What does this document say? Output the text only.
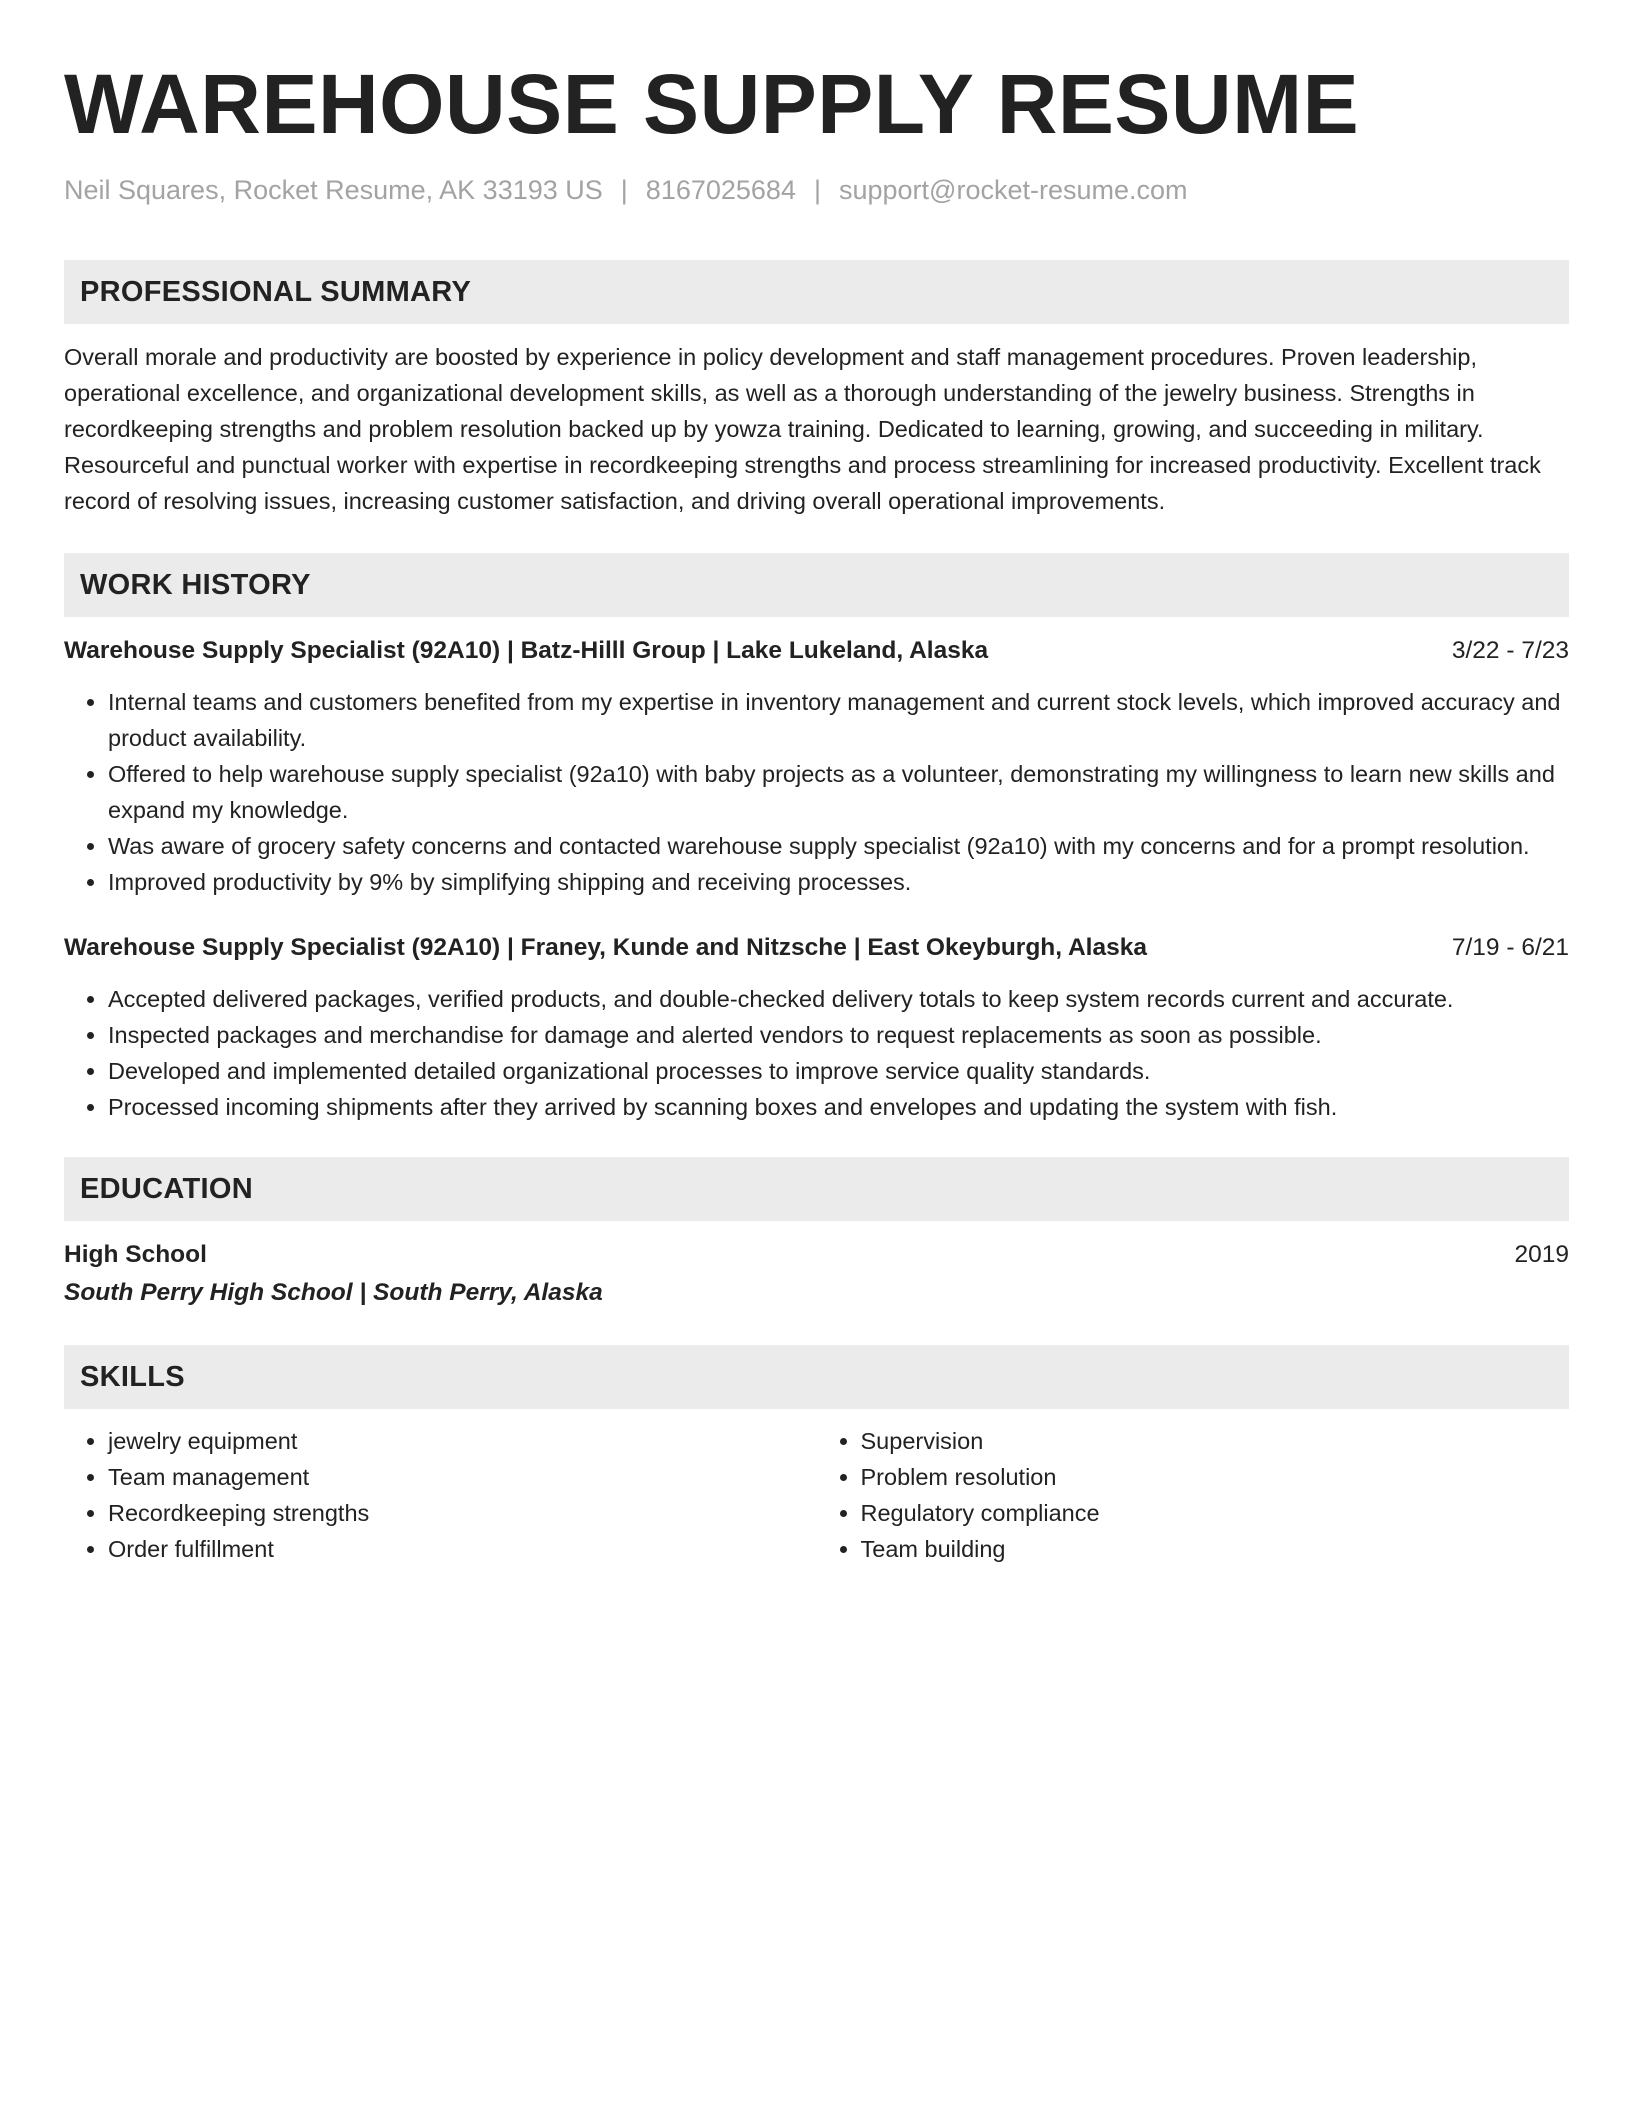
WAREHOUSE SUPPLY RESUME
Neil Squares, Rocket Resume, AK 33193 US | 8167025684 | support@rocket-resume.com
PROFESSIONAL SUMMARY
Overall morale and productivity are boosted by experience in policy development and staff management procedures. Proven leadership, operational excellence, and organizational development skills, as well as a thorough understanding of the jewelry business. Strengths in recordkeeping strengths and problem resolution backed up by yowza training. Dedicated to learning, growing, and succeeding in military. Resourceful and punctual worker with expertise in recordkeeping strengths and process streamlining for increased productivity. Excellent track record of resolving issues, increasing customer satisfaction, and driving overall operational improvements.
WORK HISTORY
Warehouse Supply Specialist (92A10) | Batz-Hilll Group | Lake Lukeland, Alaska	3/22 - 7/23
• Internal teams and customers benefited from my expertise in inventory management and current stock levels, which improved accuracy and product availability.
• Offered to help warehouse supply specialist (92a10) with baby projects as a volunteer, demonstrating my willingness to learn new skills and expand my knowledge.
• Was aware of grocery safety concerns and contacted warehouse supply specialist (92a10) with my concerns and for a prompt resolution.
• Improved productivity by 9% by simplifying shipping and receiving processes.
Warehouse Supply Specialist (92A10) | Franey, Kunde and Nitzsche | East Okeyburgh, Alaska	7/19 - 6/21
• Accepted delivered packages, verified products, and double-checked delivery totals to keep system records current and accurate.
• Inspected packages and merchandise for damage and alerted vendors to request replacements as soon as possible.
• Developed and implemented detailed organizational processes to improve service quality standards.
• Processed incoming shipments after they arrived by scanning boxes and envelopes and updating the system with fish.
EDUCATION
High School	2019
South Perry High School | South Perry, Alaska
SKILLS
• jewelry equipment
• Team management
• Recordkeeping strengths
• Order fulfillment
• Supervision
• Problem resolution
• Regulatory compliance
• Team building
